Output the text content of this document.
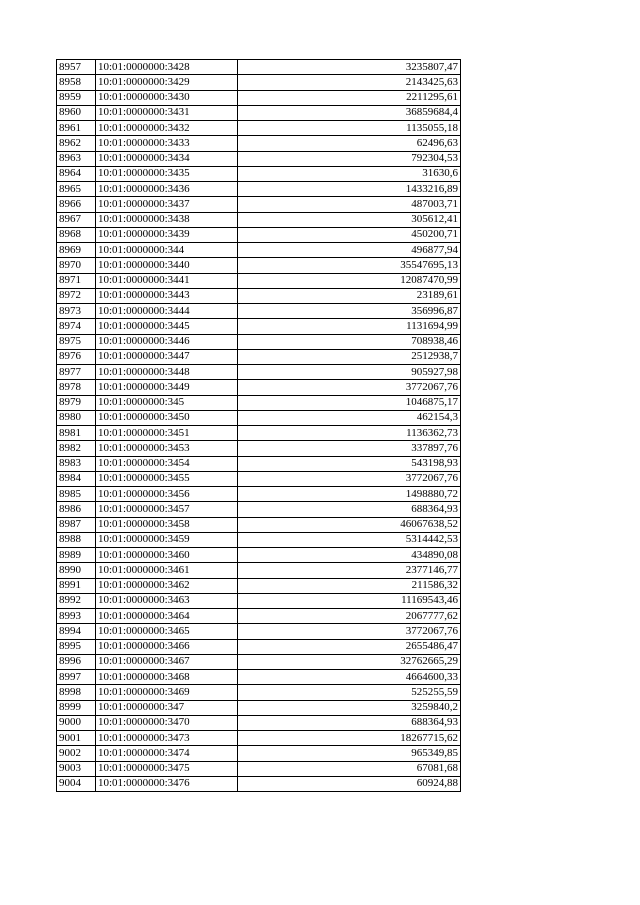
8957	10:01:0000000:3428	3235807,47
8958	10:01:0000000:3429	2143425,63
8959	10:01:0000000:3430	2211295,61
8960	10:01:0000000:3431	36859684,4
8961	10:01:0000000:3432	1135055,18
8962	10:01:0000000:3433	62496,63
8963	10:01:0000000:3434	792304,53
8964	10:01:0000000:3435	31630,6
8965	10:01:0000000:3436	1433216,89
8966	10:01:0000000:3437	487003,71
8967	10:01:0000000:3438	305612,41
8968	10:01:0000000:3439	450200,71
8969	10:01:0000000:344	496877,94
8970	10:01:0000000:3440	35547695,13
8971	10:01:0000000:3441	12087470,99
8972	10:01:0000000:3443	23189,61
8973	10:01:0000000:3444	356996,87
8974	10:01:0000000:3445	1131694,99
8975	10:01:0000000:3446	708938,46
8976	10:01:0000000:3447	2512938,7
8977	10:01:0000000:3448	905927,98
8978	10:01:0000000:3449	3772067,76
8979	10:01:0000000:345	1046875,17
8980	10:01:0000000:3450	462154,3
8981	10:01:0000000:3451	1136362,73
8982	10:01:0000000:3453	337897,76
8983	10:01:0000000:3454	543198,93
8984	10:01:0000000:3455	3772067,76
8985	10:01:0000000:3456	1498880,72
8986	10:01:0000000:3457	688364,93
8987	10:01:0000000:3458	46067638,52
8988	10:01:0000000:3459	5314442,53
8989	10:01:0000000:3460	434890,08
8990	10:01:0000000:3461	2377146,77
8991	10:01:0000000:3462	211586,32
8992	10:01:0000000:3463	11169543,46
8993	10:01:0000000:3464	2067777,62
8994	10:01:0000000:3465	3772067,76
8995	10:01:0000000:3466	2655486,47
8996	10:01:0000000:3467	32762665,29
8997	10:01:0000000:3468	4664600,33
8998	10:01:0000000:3469	525255,59
8999	10:01:0000000:347	3259840,2
9000	10:01:0000000:3470	688364,93
9001	10:01:0000000:3473	18267715,62
9002	10:01:0000000:3474	965349,85
9003	10:01:0000000:3475	67081,68
9004	10:01:0000000:3476	60924,88
